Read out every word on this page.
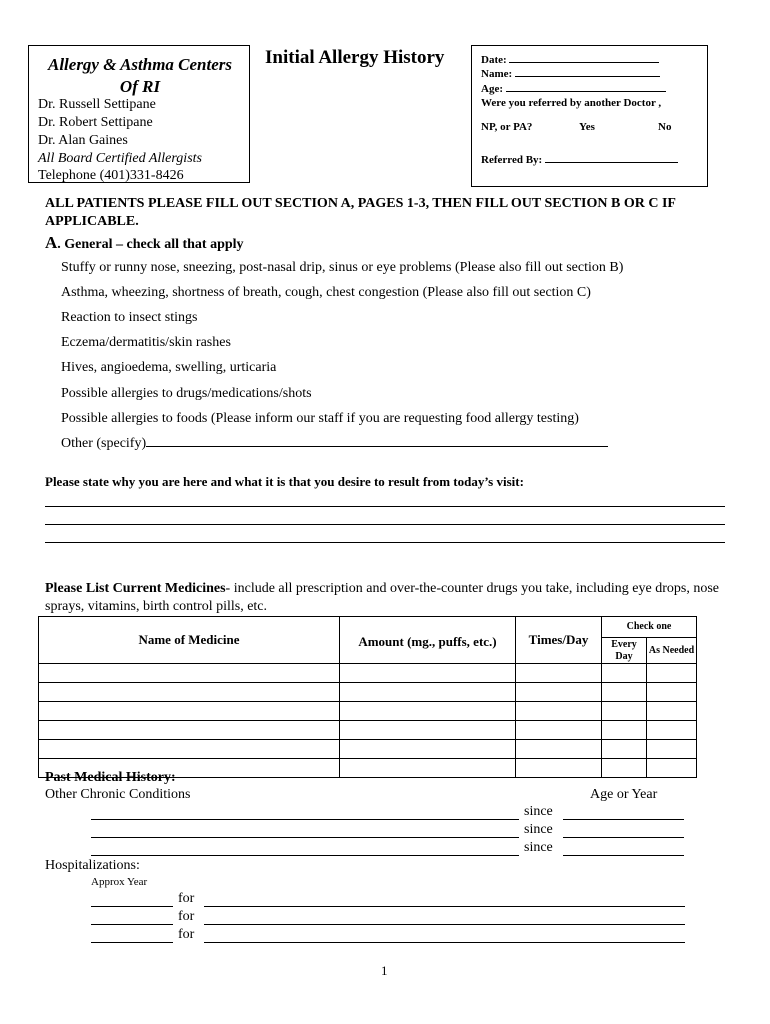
Allergy & Asthma Centers
Of RI
Dr. Russell Settipane
Dr. Robert Settipane
Dr. Alan Gaines
All Board Certified Allergists
Telephone (401)331-8426
Initial Allergy History	Date:
Name:
Age:
Were you referred by another Doctor ,
NP, or PA?	Yes	No
Referred By:
ALL PATIENTS PLEASE FILL OUT SECTION A, PAGES 1-3, THEN FILL OUT SECTION B OR C IF APPLICABLE.
A. General – check all that apply
Stuffy or runny nose, sneezing, post-nasal drip, sinus or eye problems (Please also fill out section B)
Asthma, wheezing, shortness of breath, cough, chest congestion (Please also fill out section C)
Reaction to insect stings
Eczema/dermatitis/skin rashes
Hives, angioedema, swelling, urticaria
Possible allergies to drugs/medications/shots
Possible allergies to foods (Please inform our staff if you are requesting food allergy testing)
Other (specify)
Please state why you are here and what it is that you desire to result from today’s visit:
Please List Current Medicines- include all prescription and over-the-counter drugs you take, including eye drops, nose sprays, vitamins, birth control pills, etc.
Name of Medicine	Amount (mg., puffs, etc.)	Times/Day	Check one	
			Every Day	As Needed

Past Medical History:
Other Chronic Conditions	Age or Year
since
since
since
Hospitalizations:
Approx Year
for
for
for
1
